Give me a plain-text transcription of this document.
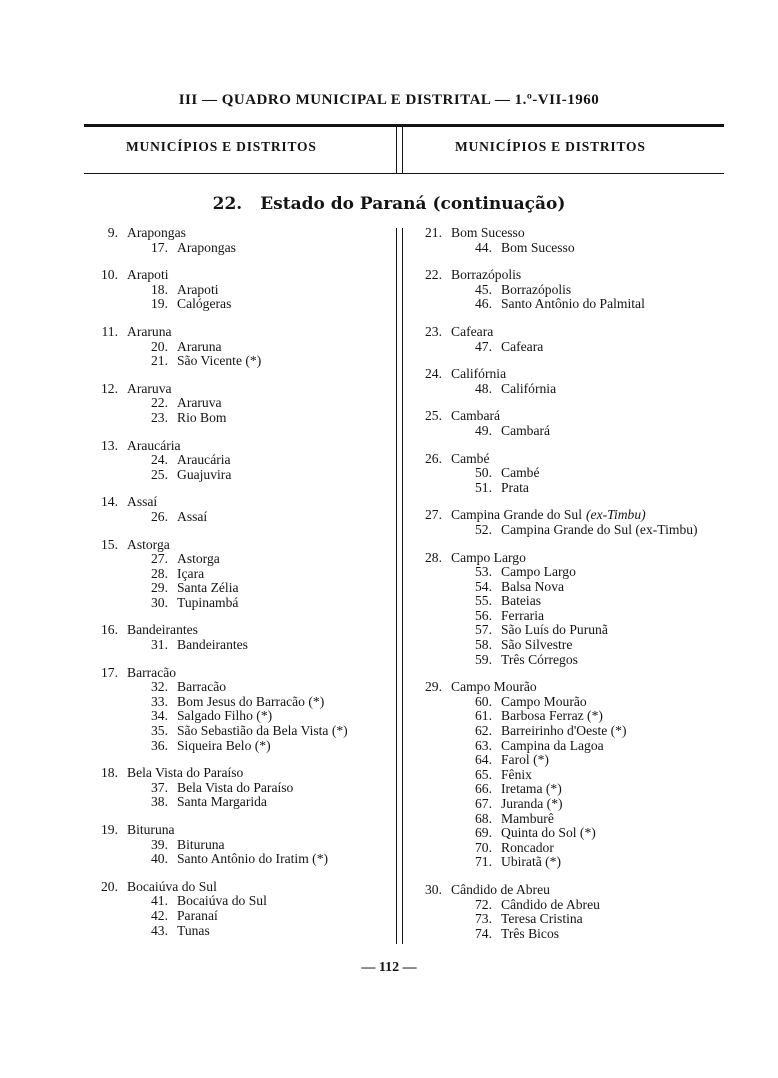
III — QUADRO MUNICIPAL E DISTRITAL — 1.º-VII-1960
MUNICÍPIOS E DISTRITOS	MUNICÍPIOS E DISTRITOS
22. Estado do Paraná (continuação)
9. Arapongas
17. Arapongas
10. Arapoti
18. Arapoti
19. Calógeras
11. Araruna
20. Araruna
21. São Vicente (*)
12. Araruva
22. Araruva
23. Rio Bom
13. Araucária
24. Araucária
25. Guajuvira
14. Assaí
26. Assaí
15. Astorga
27. Astorga
28. Içara
29. Santa Zélia
30. Tupinambá
16. Bandeirantes
31. Bandeirantes
17. Barracão
32. Barracão
33. Bom Jesus do Barracão (*)
34. Salgado Filho (*)
35. São Sebastião da Bela Vista (*)
36. Siqueira Belo (*)
18. Bela Vista do Paraíso
37. Bela Vista do Paraíso
38. Santa Margarida
19. Bituruna
39. Bituruna
40. Santo Antônio do Iratim (*)
20. Bocaiúva do Sul
41. Bocaiúva do Sul
42. Paranaí
43. Tunas
21. Bom Sucesso
44. Bom Sucesso
22. Borrazópolis
45. Borrazópolis
46. Santo Antônio do Palmital
23. Cafeara
47. Cafeara
24. Califórnia
48. Califórnia
25. Cambará
49. Cambará
26. Cambé
50. Cambé
51. Prata
27. Campina Grande do Sul (ex-Timbu)
52. Campina Grande do Sul (ex-Timbu)
28. Campo Largo
53. Campo Largo
54. Balsa Nova
55. Bateias
56. Ferraria
57. São Luís do Purunã
58. São Silvestre
59. Três Córregos
29. Campo Mourão
60. Campo Mourão
61. Barbosa Ferraz (*)
62. Barreirinho d'Oeste (*)
63. Campina da Lagoa
64. Farol (*)
65. Fênix
66. Iretama (*)
67. Juranda (*)
68. Mamburê
69. Quinta do Sol (*)
70. Roncador
71. Ubiratã (*)
30. Cândido de Abreu
72. Cândido de Abreu
73. Teresa Cristina
74. Três Bicos
— 112 —
